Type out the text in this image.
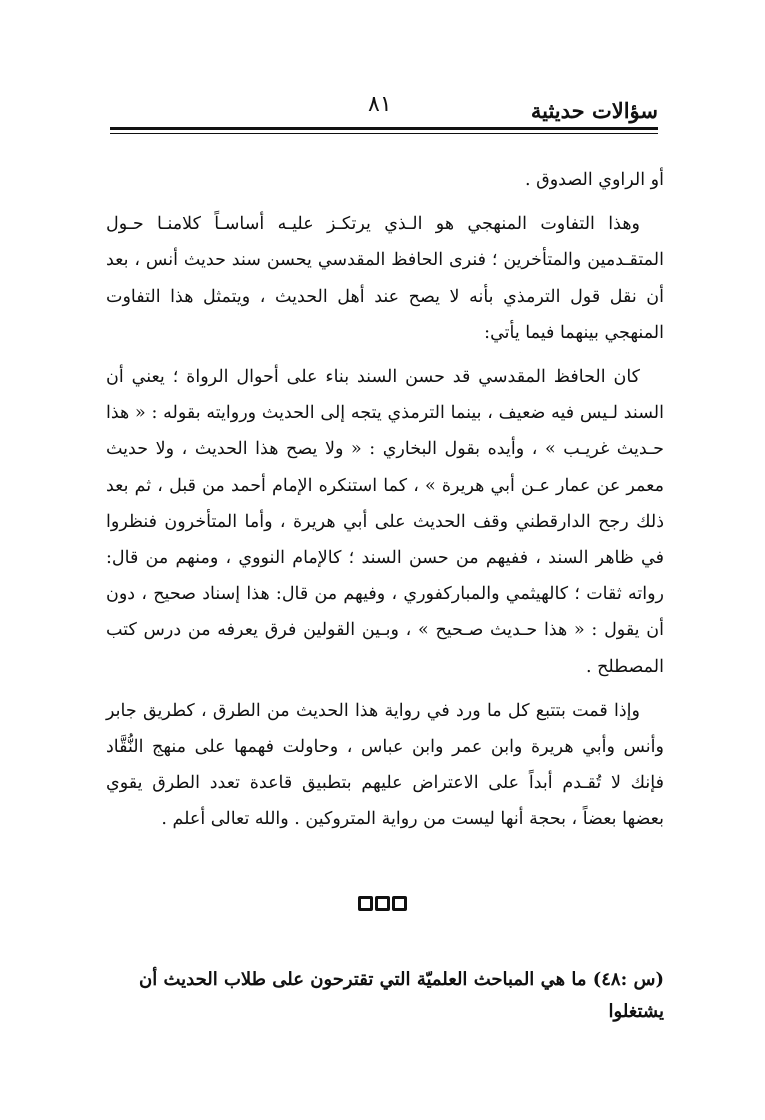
سؤالات حديثية
٨١

أو الراوي الصدوق .

وهذا التفاوت المنهجي هو الـذي يرتكـز عليـه أساسـاً كلامنـا حـول المتقـدمين والمتأخرين ؛ فنرى الحافظ المقدسي يحسن سند حديث أنس ، بعد أن نقل قول الترمذي بأنه لا يصح عند أهل الحديث ، ويتمثل هذا التفاوت المنهجي بينهما فيما يأتي:

كان الحافظ المقدسي قد حسن السند بناء على أحوال الرواة ؛ يعني أن السند لـيس فيه ضعيف ، بينما الترمذي يتجه إلى الحديث وروايته بقوله : « هذا حـديث غريـب » ، وأيده بقول البخاري : « ولا يصح هذا الحديث ، ولا حديث معمر عن عمار عـن أبي هريرة » ، كما استنكره الإمام أحمد من قبل ، ثم بعد ذلك رجح الدارقطني وقف الحديث على أبي هريرة ، وأما المتأخرون فنظروا في ظاهر السند ، ففيهم من حسن السند ؛ كالإمام النووي ، ومنهم من قال: رواته ثقات ؛ كالهيثمي والمباركفوري ، وفيهم من قال: هذا إسناد صحيح ، دون أن يقول : « هذا حـديث صـحيح » ، وبـين القولين فرق يعرفه من درس كتب المصطلح .

وإذا قمت بتتبع كل ما ورد في رواية هذا الحديث من الطرق ، كطريق جابر وأنس وأبي هريرة وابن عمر وابن عباس ، وحاولت فهمها على منهج النُّقَّاد فإنك لا تُقـدم أبداً على الاعتراض عليهم بتطبيق قاعدة تعدد الطرق يقوي بعضها بعضاً ، بحجة أنها ليست من رواية المتروكين . والله تعالى أعلم .

(س :٤٨) ما هي المباحث العلميّة التي تقترحون على طلاب الحديث أن يشتغلوا
